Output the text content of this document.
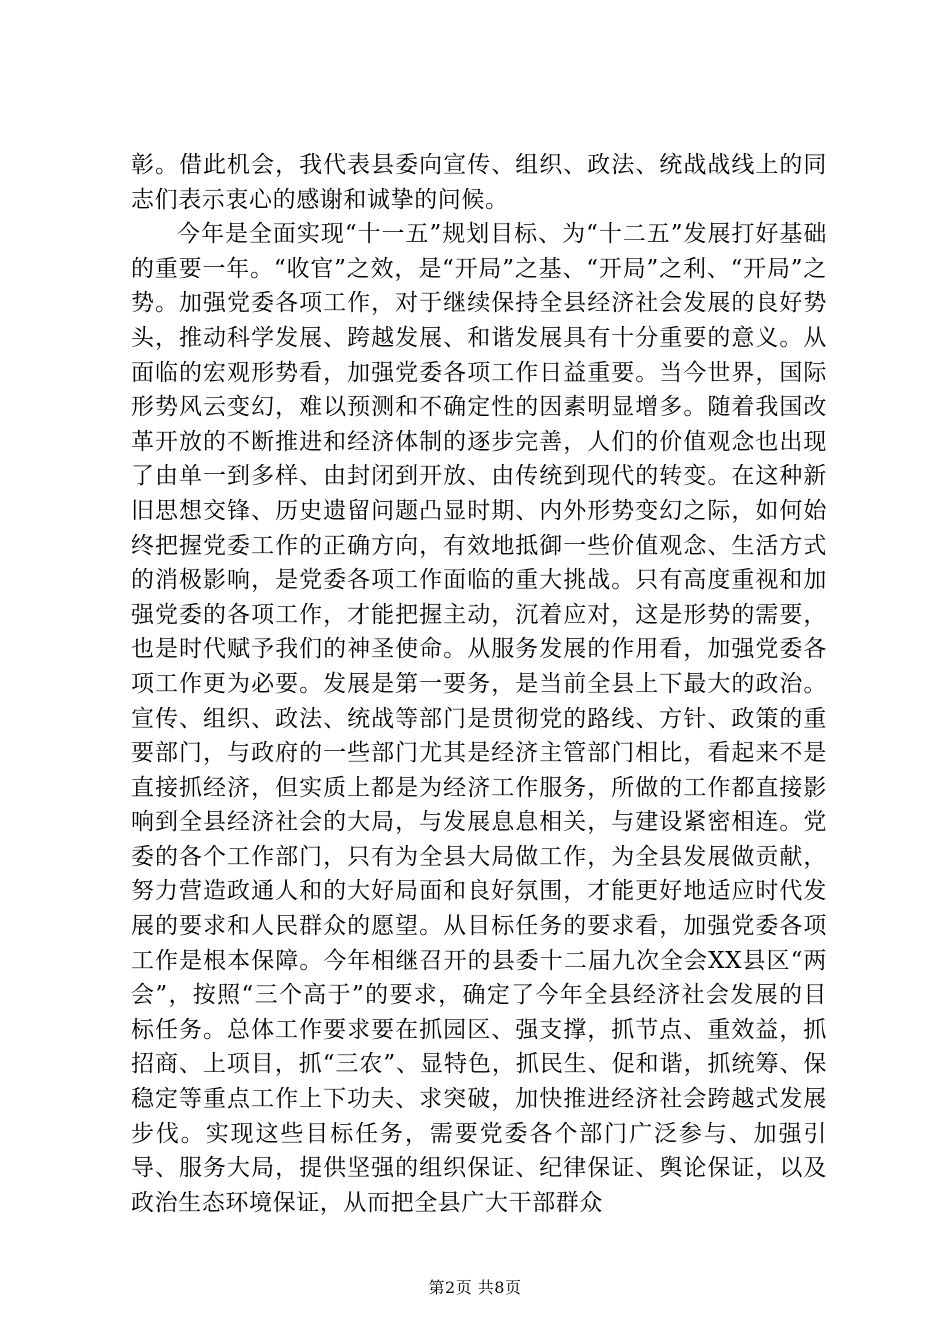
彰。借此机会，我代表县委向宣传、组织、政法、统战战线上的同志们表示衷心的感谢和诚挚的问候。

今年是全面实现“十一五”规划目标、为“十二五”发展打好基础的重要一年。“收官”之效，是“开局”之基、“开局”之利、“开局”之势。加强党委各项工作，对于继续保持全县经济社会发展的良好势头，推动科学发展、跨越发展、和谐发展具有十分重要的意义。从面临的宏观形势看，加强党委各项工作日益重要。当今世界，国际形势风云变幻，难以预测和不确定性的因素明显增多。随着我国改革开放的不断推进和经济体制的逐步完善，人们的价值观念也出现了由单一到多样、由封闭到开放、由传统到现代的转变。在这种新旧思想交锋、历史遗留问题凸显时期、内外形势变幻之际，如何始终把握党委工作的正确方向，有效地抵御一些价值观念、生活方式的消极影响，是党委各项工作面临的重大挑战。只有高度重视和加强党委的各项工作，才能把握主动，沉着应对，这是形势的需要，也是时代赋予我们的神圣使命。从服务发展的作用看，加强党委各项工作更为必要。发展是第一要务，是当前全县上下最大的政治。宣传、组织、政法、统战等部门是贯彻党的路线、方针、政策的重要部门，与政府的一些部门尤其是经济主管部门相比，看起来不是直接抓经济，但实质上都是为经济工作服务，所做的工作都直接影响到全县经济社会的大局，与发展息息相关，与建设紧密相连。党委的各个工作部门，只有为全县大局做工作，为全县发展做贡献，努力营造政通人和的大好局面和良好氛围，才能更好地适应时代发展的要求和人民群众的愿望。从目标任务的要求看，加强党委各项工作是根本保障。今年相继召开的县委十二届九次全会XX县区“两会”，按照“三个高于”的要求，确定了今年全县经济社会发展的目标任务。总体工作要求要在抓园区、强支撑，抓节点、重效益，抓招商、上项目，抓“三农”、显特色，抓民生、促和谐，抓统筹、保稳定等重点工作上下功夫、求突破，加快推进经济社会跨越式发展步伐。实现这些目标任务，需要党委各个部门广泛参与、加强引导、服务大局，提供坚强的组织保证、纪律保证、舆论保证，以及政治生态环境保证，从而把全县广大干部群众

第2页 共8页
